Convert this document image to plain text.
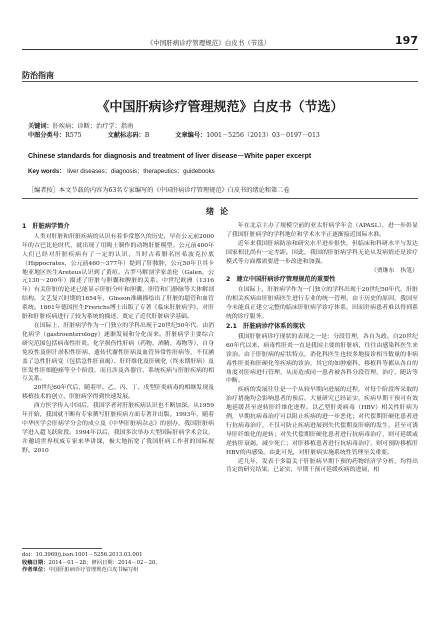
《中国肝病诊疗管理规范》白皮书（节选）	197
防治指南
《中国肝病诊疗管理规范》白皮书（节选）
关键词：肝疾病；诊断；治疗学；指南
中图分类号：R575	文献标志码：B	文章编号：1001－5256（2013）03－0197－013
Chinese standards for diagnosis and treatment of liver disease－White paper excerpt
Key words： liver diseases；diagnosis；therapeutics；guidebooks
［编者按］本文节载的内容为63名专家编写的《中国肝病诊疗管理规范》白皮书的绪论和第二卷
绪论
1　肝脏病学简介

人类对肝脏和肝脏疾病的认识有着非常悠久的历史，早在公元前2000年的古巴比伦时代，就出现了用陶土制作的动物肝脏模型。公元前400年人们已经对肝脏疾病有了一定的认识，当时古希腊名医希波克拉底（Hippocrates，公元前460～377年）提到了肝脓肿，公元50年卫其卡地亚地区医生Areteus认识到了黄疸。古罗马解剖学家盖伦（Galen，公元130～200年）描述了肝脏与胆囊和脾脏的关系。中世纪欧洲（1316年）有关肝脏的论述已能显示肝脏分叶和胆囊、胆管和门静脉等大体解剖结构。文艺复兴时期的1654年，Glisson准确描绘出了肝脏的超管和血管系统。1861年德国医生Frerichs博士出版了专著《临床肝脏病学》，对肝脏和肝脏疾病进行了较为系统的描述，奠定了近代肝脏病学基础。

在国际上，肝脏病学作为一门独立的学科出现于20世纪50年代。由消化病学（gastroenterology）逐渐发展和分化而来。肝脏病学主要综合研究范围包括病毒性肝炎、化学损伤性肝病（药物、酒精、毒物等）、自身免疫性及胆汁淤积性肝病、遗传代谢性肝病及血管异常性肝病等，不仅涵盖了急性肝病变（包括急性肝衰竭）、肝纤维化及肝硬化（终末期肝病）及肝发性肝细胞癌等全个阶段，而且涉及各器官、系统疾病与肝脏疾病的相互关系。

20世纪60年代后，随着甲、乙、丙、丁、戊型肝炎病毒的相继发现及移植技术的创立，肝脏病学得到快速发展。

西方医学传入中国后，我国学者对肝脏疾病认识也不断加深。从1959年开始，我国就不断有专家撰写肝脏疾病方面专著并出版。1993年，随着中华医学会肝病学分会的成立及《中华肝脏病杂志》的创办，我国肝脏病学进入超飞跃阶段。1994年以后，我国多次举办大型国际肝病学术会议，并邀请世界权威专家来华讲课，极大地拓宽了我国肝病工作者的国际视野。2010

年在北京主办了规模空前的亚太肝病学年会（APASL），进一步彰显了我国肝脏病学的学科地位和学术水平正逐渐接近国际水准。

近年来我国肝病防治和研究水平进步很快，但临床和科研水平与发达国家相比尚有一定差距。因此，我国的肝脏病学科无论从发病情还是诊疗模式等方面都需要进一步改进和加强。

（贾继东　执笔）

2　建立中国肝病诊疗管理规范的重要性

在国际上，肝脏病学作为一门独立的学科出现于20世纪50年代。肝脏的相关疾病由肝脏病医生进行专业的统一管理。由于历史的原因，我国至今未能真正建立完整的临床肝脏病学诊疗体系，因而肝病患者难以得到系统的诊疗服务。

2.1　肝脏病诊疗体系的现状

我国肝脏病诊疗现状的表现之一是：分段管理，各自为政。自20世纪60年代以来，病毒性肝炎一直是我国主要的肝脏病，往往由感染科医生来诊治。由于肝脏病的症状特点，消化科医生也较多地接诊相当数量的非病毒性肝炎和肝硬化等疾病的诊治，其它的如肿瘤科、移植科等都从各自的角度对肝病进行管理，从而造成同一患者被各科分段管理、治疗、随访等中断。

疾病的发展往往是一个从较早期向进展的过程，对每个阶段所采取的治疗措施均会影响患者的预后。大量研究已经证实，疾病早期干预可有效地延缓甚至逆转肝纤维化进程。以乙型肝炎病毒（HBV）相关性肝病为例，早期抗病毒治疗可以阻止疾病的进一步恶化；对代偿期肝硬化患者进行抗病毒治疗，不仅可防止疾病进展到失代偿期及肝癌的发生，甚至可诱导肝纤维化的逆转；对失代偿期肝硬化患者进行抗病毒治疗，则可延缓或逆转肝衰竭，减少死亡；对肝移植患者进行抗病毒治疗，则可预防移植肝HBV的再感染。由此可见，对肝脏病实施系统性管理至关重要。

近几年，发表于多篇关于肝脏病早期下预的药物经济学分析，均得出肯定的研究结果。已证实，早期干预可延缓疾病的进展，相

doi：10.3969/j.issn.1001－5256.2013.03.001
收稿日期：2014－01－28；修回日期：2014－02－20。
作者单位：中国肝脏病诊疗管理规范白皮书编写组
